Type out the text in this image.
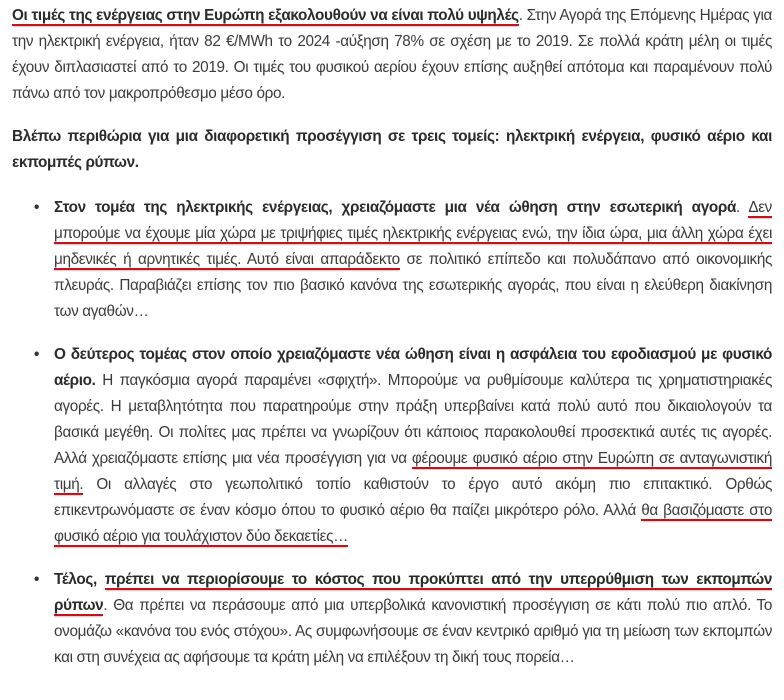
Οι τιμές της ενέργειας στην Ευρώπη εξακολουθούν να είναι πολύ υψηλές. Στην Αγορά της Επόμενης Ημέρας για την ηλεκτρική ενέργεια, ήταν 82 €/MWh το 2024 -αύξηση 78% σε σχέση με το 2019. Σε πολλά κράτη μέλη οι τιμές έχουν διπλασιαστεί από το 2019. Οι τιμές του φυσικού αερίου έχουν επίσης αυξηθεί απότομα και παραμένουν πολύ πάνω από τον μακροπρόθεσμο μέσο όρο.

Βλέπω περιθώρια για μια διαφορετική προσέγγιση σε τρεις τομείς: ηλεκτρική ενέργεια, φυσικό αέριο και εκπομπές ρύπων.

• Στον τομέα της ηλεκτρικής ενέργειας, χρειαζόμαστε μια νέα ώθηση στην εσωτερική αγορά. Δεν μπορούμε να έχουμε μία χώρα με τριψήφιες τιμές ηλεκτρικής ενέργειας ενώ, την ίδια ώρα, μια άλλη χώρα έχει μηδενικές ή αρνητικές τιμές. Αυτό είναι απαράδεκτο σε πολιτικό επίπεδο και πολυδάπανο από οικονομικής πλευράς. Παραβιάζει επίσης τον πιο βασικό κανόνα της εσωτερικής αγοράς, που είναι η ελεύθερη διακίνηση των αγαθών…
• Ο δεύτερος τομέας στον οποίο χρειαζόμαστε νέα ώθηση είναι η ασφάλεια του εφοδιασμού με φυσικό αέριο. Η παγκόσμια αγορά παραμένει «σφιχτή». Μπορούμε να ρυθμίσουμε καλύτερα τις χρηματιστηριακές αγορές. Η μεταβλητότητα που παρατηρούμε στην πράξη υπερβαίνει κατά πολύ αυτό που δικαιολογούν τα βασικά μεγέθη. Οι πολίτες μας πρέπει να γνωρίζουν ότι κάποιος παρακολουθεί προσεκτικά αυτές τις αγορές. Αλλά χρειαζόμαστε επίσης μια νέα προσέγγιση για να φέρουμε φυσικό αέριο στην Ευρώπη σε ανταγωνιστική τιμή. Οι αλλαγές στο γεωπολιτικό τοπίο καθιστούν το έργο αυτό ακόμη πιο επιτακτικό. Ορθώς επικεντρωνόμαστε σε έναν κόσμο όπου το φυσικό αέριο θα παίζει μικρότερο ρόλο. Αλλά θα βασιζόμαστε στο φυσικό αέριο για τουλάχιστον δύο δεκαετίες…
• Τέλος, πρέπει να περιορίσουμε το κόστος που προκύπτει από την υπερρύθμιση των εκπομπών ρύπων. Θα πρέπει να περάσουμε από μια υπερβολικά κανονιστική προσέγγιση σε κάτι πολύ πιο απλό. Το ονομάζω «κανόνα του ενός στόχου». Ας συμφωνήσουμε σε έναν κεντρικό αριθμό για τη μείωση των εκπομπών και στη συνέχεια ας αφήσουμε τα κράτη μέλη να επιλέξουν τη δική τους πορεία…
